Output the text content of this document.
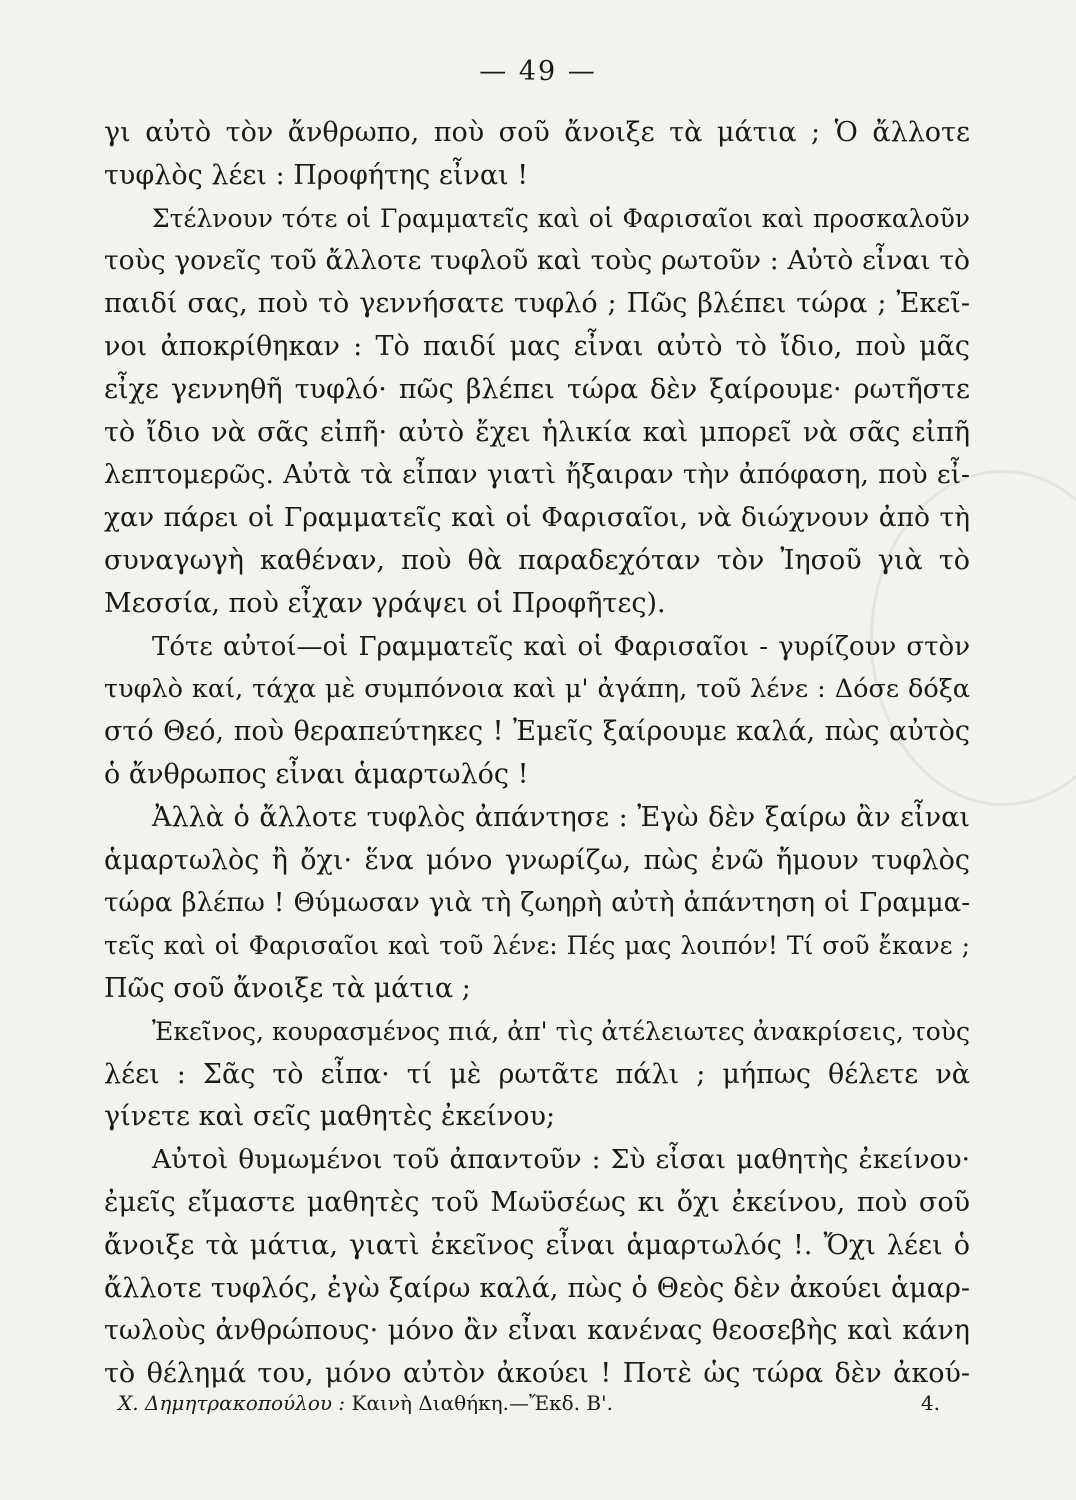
— 49 —
γι αὐτὸ τὸν ἄνθρωπο, ποὺ σοῦ ἄνοιξε τὰ μάτια ; Ὁ ἄλλοτε
τυφλὸς λέει : Προφήτης εἶναι !
Στέλνουν τότε οἱ Γραμματεῖς καὶ οἱ Φαρισαῖοι καὶ προσκαλοῦν
τοὺς γονεῖς τοῦ ἄλλοτε τυφλοῦ καὶ τοὺς ρωτοῦν : Αὐτὸ εἶναι τὸ
παιδί σας, ποὺ τὸ γεννήσατε τυφλό ; Πῶς βλέπει τώρα ; Ἐκεῖ-
νοι ἀποκρίθηκαν : Τὸ παιδί μας εἶναι αὐτὸ τὸ ἴδιο, ποὺ μᾶς
εἶχε γεννηθῆ τυφλό· πῶς βλέπει τώρα δὲν ξαίρουμε· ρωτῆστε
τὸ ἴδιο νὰ σᾶς εἰπῆ· αὐτὸ ἔχει ἡλικία καὶ μπορεῖ νὰ σᾶς εἰπῆ
λεπτομερῶς. Αὐτὰ τὰ εἶπαν γιατὶ ἤξαιραν τὴν ἀπόφαση, ποὺ εἶ-
χαν πάρει οἱ Γραμματεῖς καὶ οἱ Φαρισαῖοι, νὰ διώχνουν ἀπὸ τὴ
συναγωγὴ καθέναν, ποὺ θὰ παραδεχόταν τὸν Ἰησοῦ γιὰ τὸ
Μεσσία, ποὺ εἶχαν γράψει οἱ Προφῆτες).
Τότε αὐτοί—οἱ Γραμματεῖς καὶ οἱ Φαρισαῖοι - γυρίζουν στὸν
τυφλὸ καί, τάχα μὲ συμπόνοια καὶ μ' ἀγάπη, τοῦ λένε : Δόσε δόξα
στό Θεό, ποὺ θεραπεύτηκες ! Ἐμεῖς ξαίρουμε καλά, πὼς αὐτὸς
ὁ ἄνθρωπος εἶναι ἁμαρτωλός !
Ἀλλὰ ὁ ἄλλοτε τυφλὸς ἀπάντησε : Ἐγὼ δὲν ξαίρω ἂν εἶναι
ἁμαρτωλὸς ἢ ὄχι· ἕνα μόνο γνωρίζω, πὼς ἐνῶ ἤμουν τυφλὸς
τώρα βλέπω ! Θύμωσαν γιὰ τὴ ζωηρὴ αὐτὴ ἀπάντηση οἱ Γραμμα-
τεῖς καὶ οἱ Φαρισαῖοι καὶ τοῦ λένε: Πές μας λοιπόν! Τί σοῦ ἔκανε ;
Πῶς σοῦ ἄνοιξε τὰ μάτια ;
Ἐκεῖνος, κουρασμένος πιά, ἀπ' τὶς ἀτέλειωτες ἀνακρίσεις, τοὺς
λέει : Σᾶς τὸ εἶπα· τί μὲ ρωτᾶτε πάλι ; μήπως θέλετε νὰ
γίνετε καὶ σεῖς μαθητὲς ἐκείνου;
Αὐτοὶ θυμωμένοι τοῦ ἀπαντοῦν : Σὺ εἶσαι μαθητὴς ἐκείνου·
ἐμεῖς εἴμαστε μαθητὲς τοῦ Μωϋσέως κι ὄχι ἐκείνου, ποὺ σοῦ
ἄνοιξε τὰ μάτια, γιατὶ ἐκεῖνος εἶναι ἁμαρτωλός !. Ὄχι λέει ὁ
ἄλλοτε τυφλός, ἐγὼ ξαίρω καλά, πὼς ὁ Θεὸς δὲν ἀκούει ἁμαρ-
τωλοὺς ἀνθρώπους· μόνο ἂν εἶναι κανένας θεοσεβὴς καὶ κάνη
τὸ θέλημά του, μόνο αὐτὸν ἀκούει ! Ποτὲ ὡς τώρα δὲν ἀκού-
Χ. Δημητρακοπούλου : Καινὴ Διαθήκη.—Ἔκδ. Β'.	4.
